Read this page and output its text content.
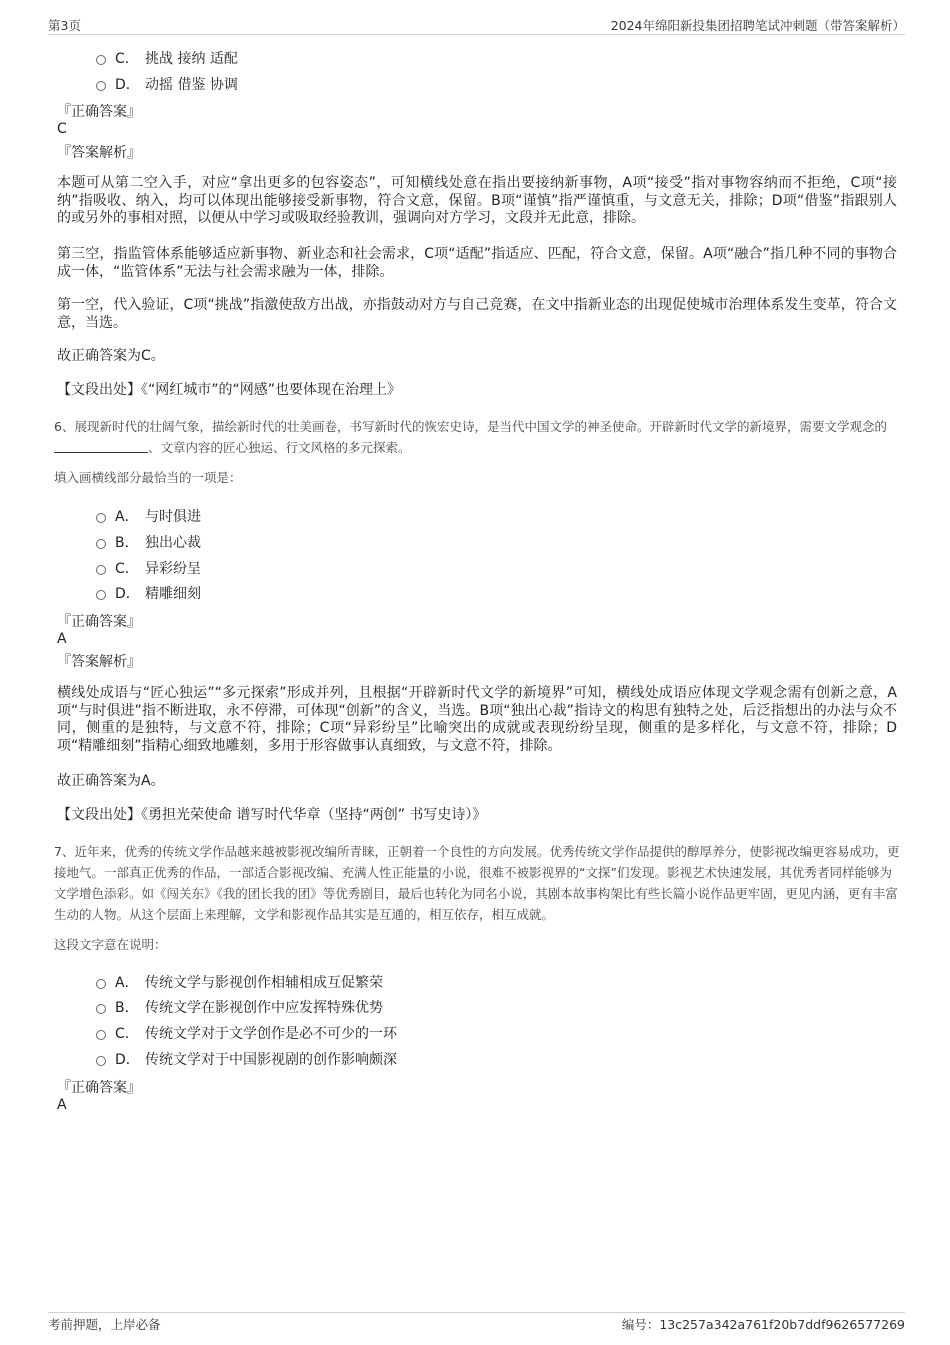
第3页	2024年绵阳新投集团招聘笔试冲刺题（带答案解析）
C． 挑战 接纳 适配
D． 动摇 借鉴 协调
『正确答案』
C
『答案解析』

本题可从第二空入手，对应“拿出更多的包容姿态”，可知横线处意在指出要接纳新事物，A项“接受”指对事物容纳而不拒绝，C项“接纳”指吸收、纳入，均可以体现出能够接受新事物，符合文意，保留。B项“谨慎”指严谨慎重，与文意无关，排除；D项“借鉴”指跟别人的或另外的事相对照，以便从中学习或吸取经验教训，强调向对方学习，文段并无此意，排除。

第三空，指监管体系能够适应新事物、新业态和社会需求，C项“适配”指适应、匹配，符合文意，保留。A项“融合”指几种不同的事物合成一体，“监管体系”无法与社会需求融为一体，排除。

第一空，代入验证，C项“挑战”指激使敌方出战，亦指鼓动对方与自己竞赛，在文中指新业态的出现促使城市治理体系发生变革，符合文意，当选。

故正确答案为C。

【文段出处】《“网红城市”的“网感”也要体现在治理上》

6、展现新时代的壮阔气象，描绘新时代的壮美画卷，书写新时代的恢宏史诗，是当代中国文学的神圣使命。开辟新时代文学的新境界，需要文学观念的、文章内容的匠心独运、行文风格的多元探索。

填入画横线部分最恰当的一项是：

A． 与时俱进
B． 独出心裁
C． 异彩纷呈
D． 精雕细刻
『正确答案』
A
『答案解析』

横线处成语与“匠心独运”“多元探索”形成并列，且根据“开辟新时代文学的新境界”可知，横线处成语应体现文学观念需有创新之意，A项“与时俱进”指不断进取，永不停滞，可体现“创新”的含义，当选。B项“独出心裁”指诗文的构思有独特之处，后泛指想出的办法与众不同，侧重的是独特，与文意不符，排除；C项“异彩纷呈”比喻突出的成就或表现纷纷呈现，侧重的是多样化，与文意不符，排除；D项“精雕细刻”指精心细致地雕刻，多用于形容做事认真细致，与文意不符，排除。

故正确答案为A。

【文段出处】《勇担光荣使命 谱写时代华章（坚持“两创” 书写史诗）》

7、近年来，优秀的传统文学作品越来越被影视改编所青睐，正朝着一个良性的方向发展。优秀传统文学作品提供的醇厚养分，使影视改编更容易成功，更接地气。一部真正优秀的作品，一部适合影视改编、充满人性正能量的小说，很难不被影视界的“文探”们发现。影视艺术快速发展，其优秀者同样能够为文学增色添彩。如《闯关东》《我的团长我的团》等优秀剧目，最后也转化为同名小说，其剧本故事构架比有些长篇小说作品更牢固，更见内涵，更有丰富生动的人物。从这个层面上来理解，文学和影视作品其实是互通的，相互依存，相互成就。

这段文字意在说明：

A． 传统文学与影视创作相辅相成互促繁荣
B． 传统文学在影视创作中应发挥特殊优势
C． 传统文学对于文学创作是必不可少的一环
D． 传统文学对于中国影视剧的创作影响颇深
『正确答案』
A
考前押题，上岸必备	编号：13c257a342a761f20b7ddf9626577269
